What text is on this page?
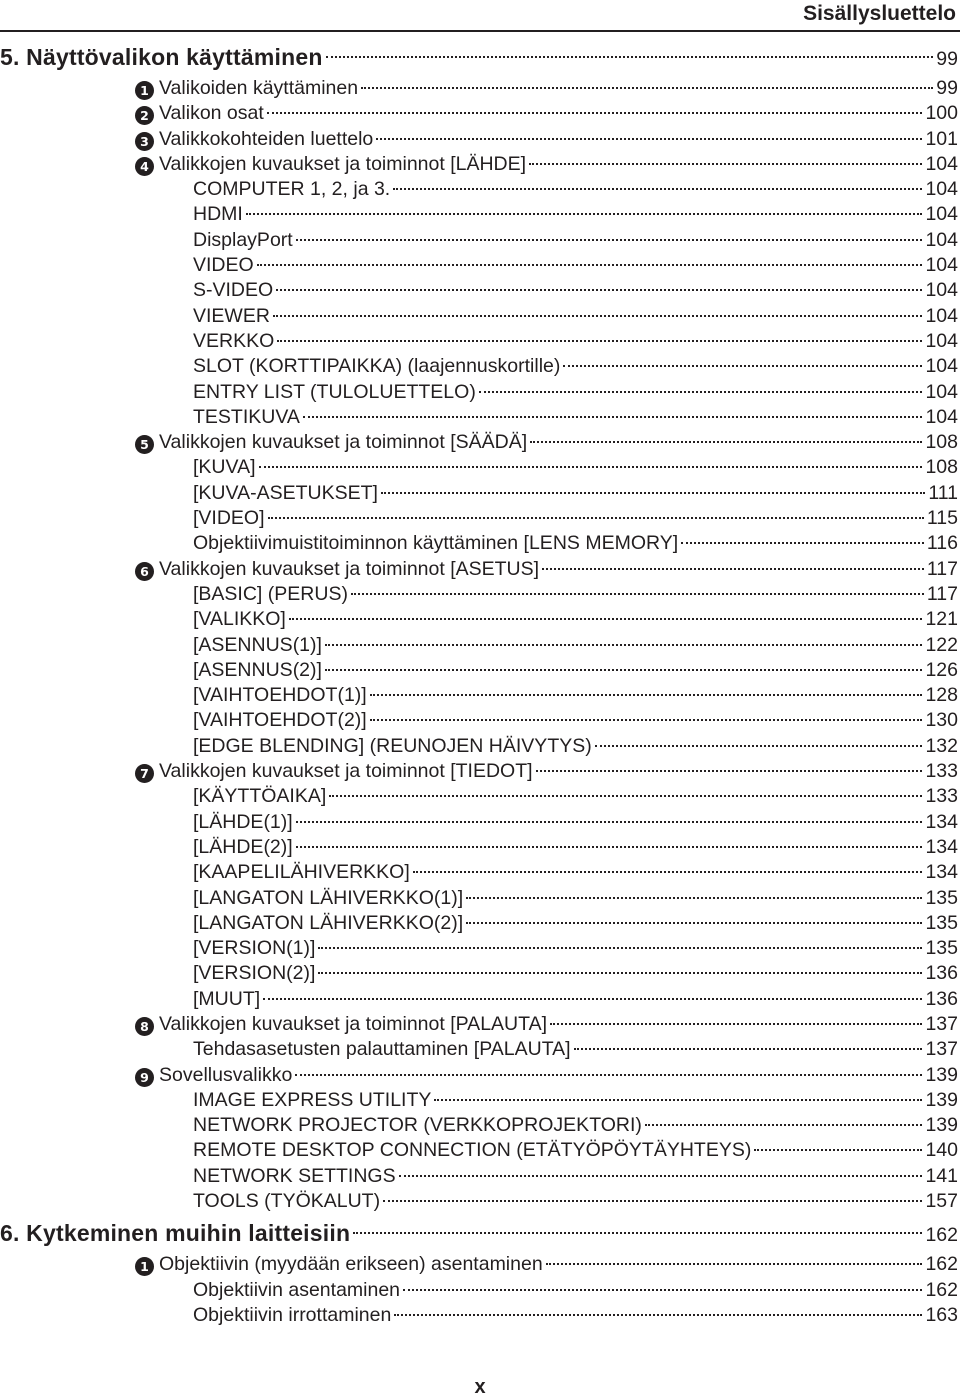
Sisällysluettelo
5. Näyttövalikon käyttäminen	99
1 Valikoiden käyttäminen	99
2 Valikon osat	100
3 Valikkokohteiden luettelo	101
4 Valikkojen kuvaukset ja toiminnot [LÄHDE]	104
COMPUTER 1, 2, ja 3.	104
HDMI	104
DisplayPort	104
VIDEO	104
S-VIDEO	104
VIEWER	104
VERKKO	104
SLOT (KORTTIPAIKKA) (laajennuskortille)	104
ENTRY LIST (TULOLUETTELO)	104
TESTIKUVA	104
5 Valikkojen kuvaukset ja toiminnot [SÄÄDÄ]	108
[KUVA]	108
[KUVA-ASETUKSET]	111
[VIDEO]	115
Objektiivimuistitoiminnon käyttäminen [LENS MEMORY]	116
6 Valikkojen kuvaukset ja toiminnot [ASETUS]	117
[BASIC] (PERUS)	117
[VALIKKO]	121
[ASENNUS(1)]	122
[ASENNUS(2)]	126
[VAIHTOEHDOT(1)]	128
[VAIHTOEHDOT(2)]	130
[EDGE BLENDING] (REUNOJEN HÄIVYTYS)	132
7 Valikkojen kuvaukset ja toiminnot [TIEDOT]	133
[KÄYTTÖAIKA]	133
[LÄHDE(1)]	134
[LÄHDE(2)]	134
[KAAPELILÄHIVERKKO]	134
[LANGATON LÄHIVERKKO(1)]	135
[LANGATON LÄHIVERKKO(2)]	135
[VERSION(1)]	135
[VERSION(2)]	136
[MUUT]	136
8 Valikkojen kuvaukset ja toiminnot [PALAUTA]	137
Tehdasasetusten palauttaminen [PALAUTA]	137
9 Sovellusvalikko	139
IMAGE EXPRESS UTILITY	139
NETWORK PROJECTOR (VERKKOPROJEKTORI)	139
REMOTE DESKTOP CONNECTION (ETÄTYÖPÖYTÄYHTEYS)	140
NETWORK SETTINGS	141
TOOLS (TYÖKALUT)	157
6. Kytkeminen muihin laitteisiin	162
1 Objektiivin (myydään erikseen) asentaminen	162
Objektiivin asentaminen	162
Objektiivin irrottaminen	163
x
